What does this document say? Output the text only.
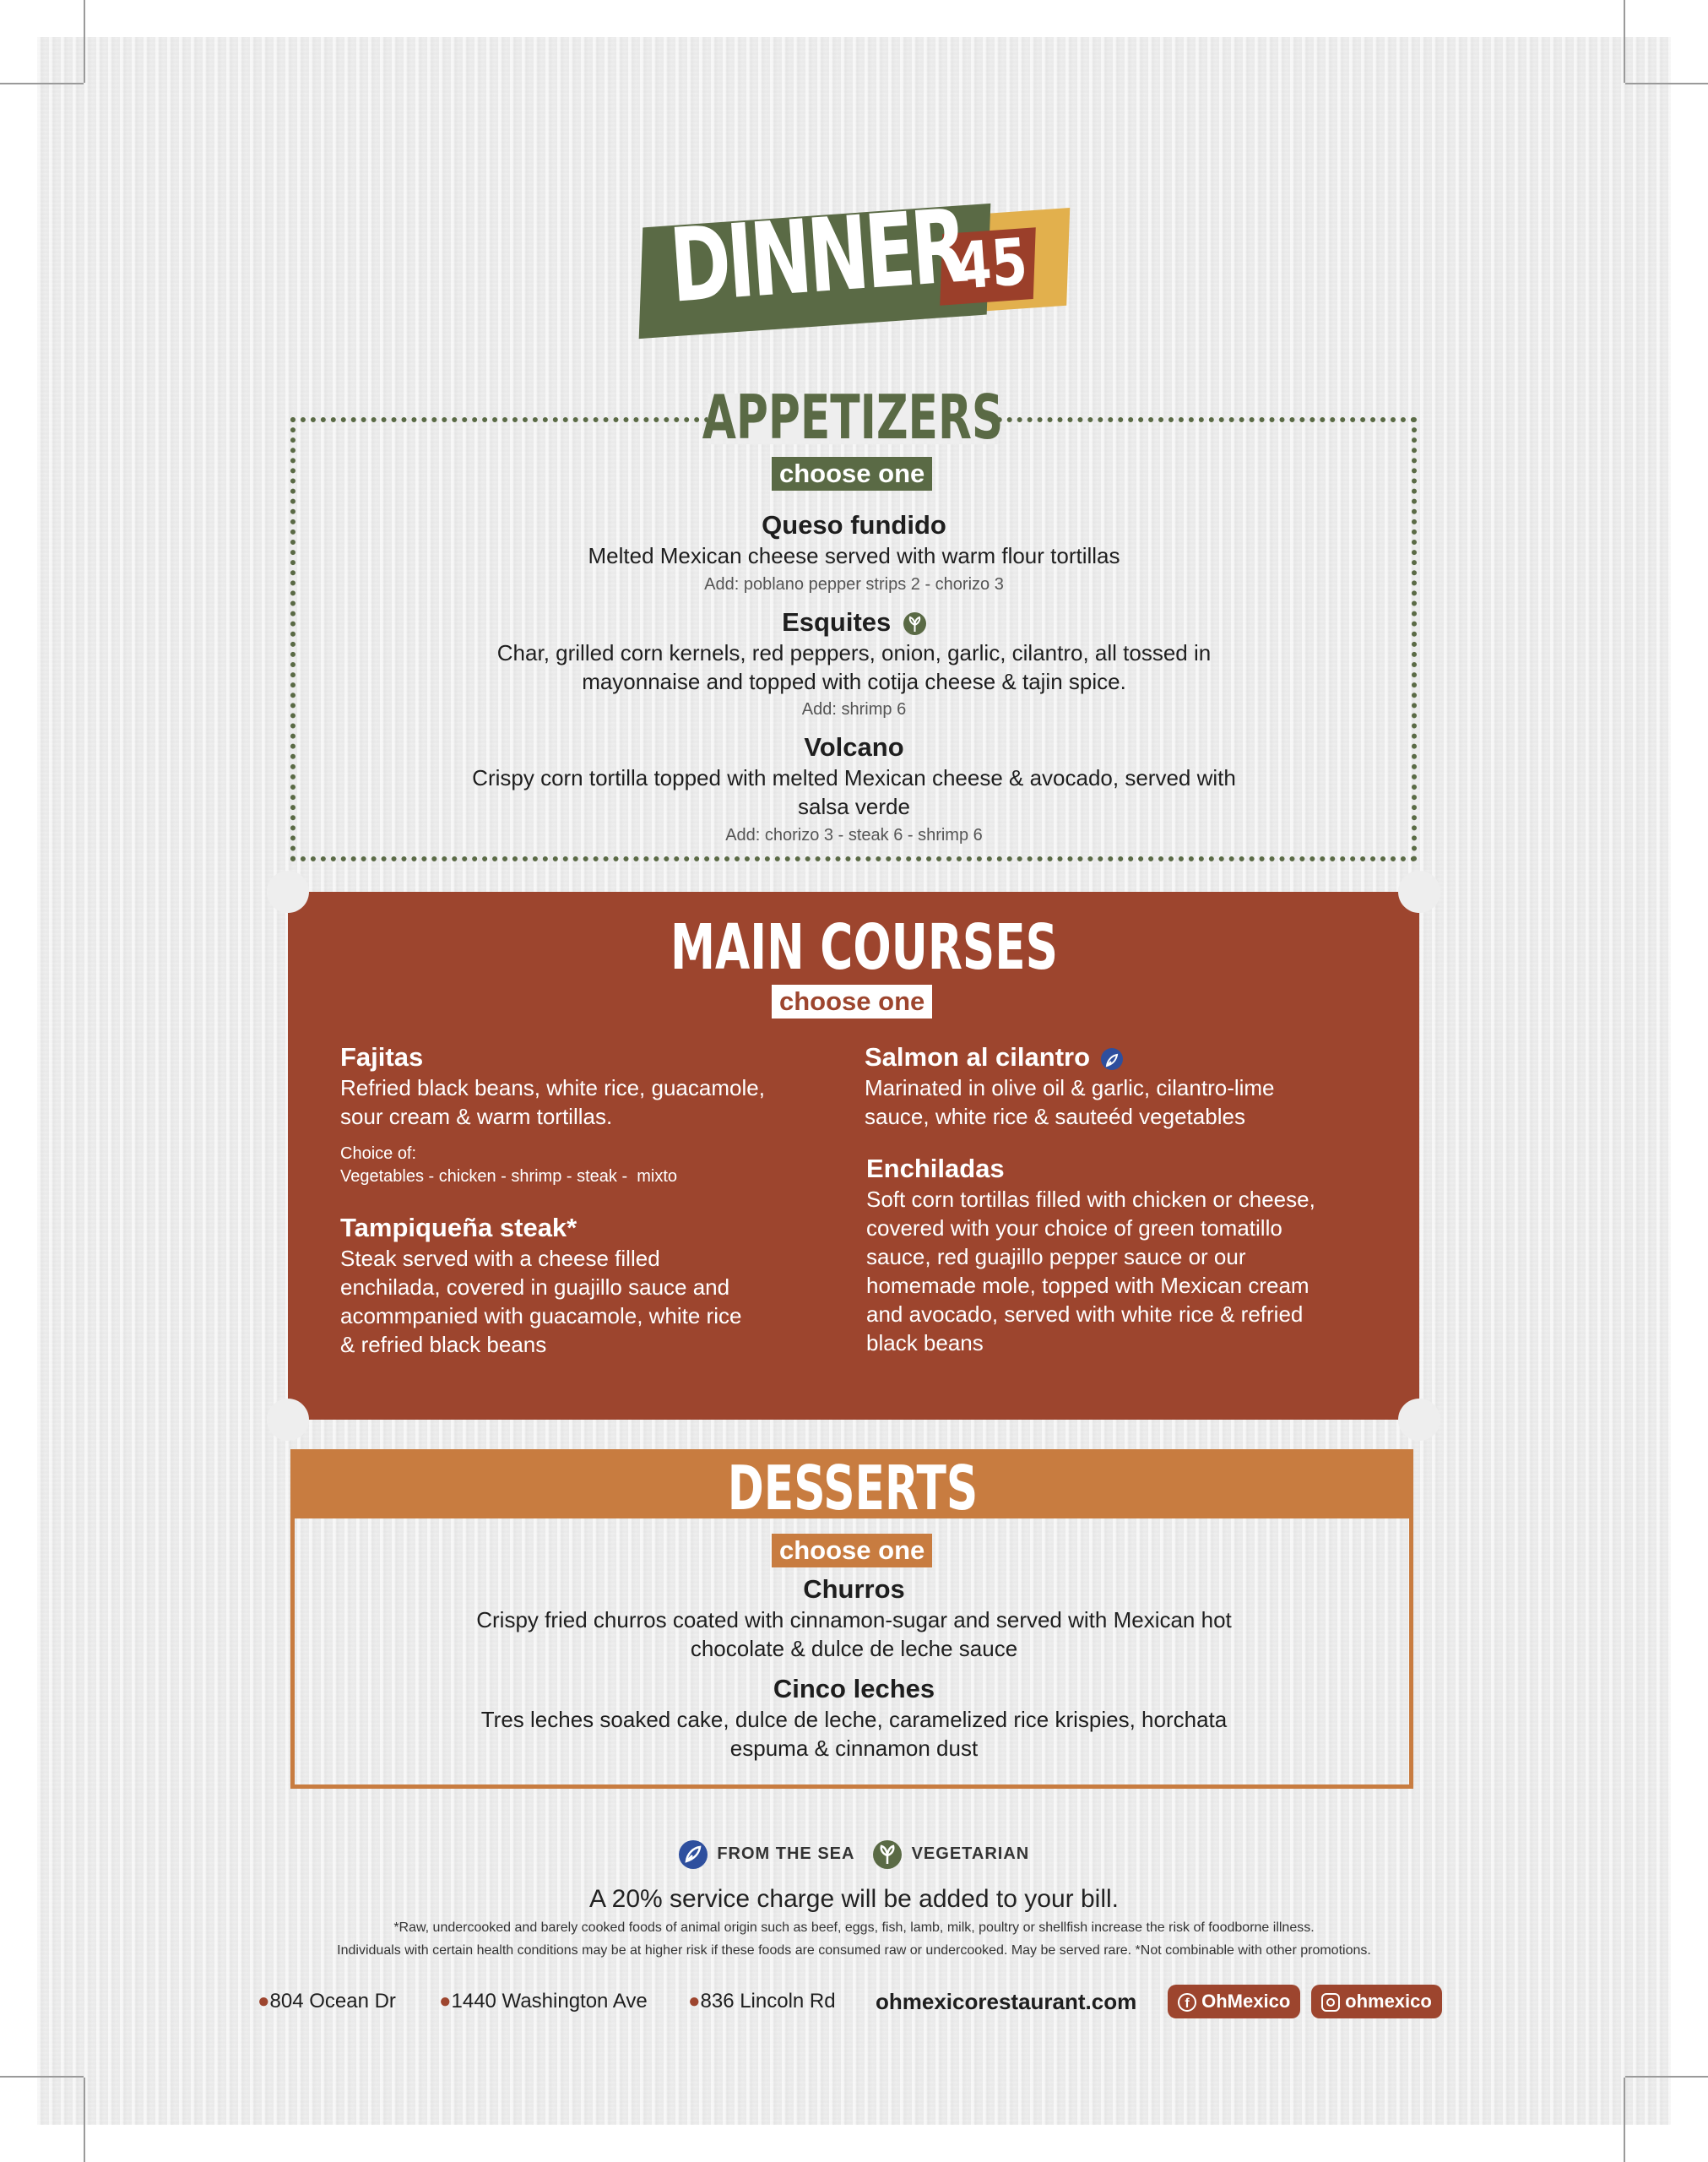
DINNER
45
APPETIZERS
choose one
Queso fundido
Melted Mexican cheese served with warm flour tortillas
Add: poblano pepper strips 2 - chorizo 3
Esquites
Char, grilled corn kernels, red peppers, onion, garlic, cilantro, all tossed in
mayonnaise and topped with cotija cheese & tajin spice.
Add: shrimp 6
Volcano
Crispy corn tortilla topped with melted Mexican cheese & avocado, served with
salsa verde
Add: chorizo 3 - steak 6 - shrimp 6
MAIN COURSES
choose one
Fajitas
Refried black beans, white rice, guacamole,
sour cream & warm tortillas.
Choice of:
Vegetables - chicken - shrimp - steak -  mixto
Tampiqueña steak*
Steak served with a cheese filled
enchilada, covered in guajillo sauce and
acommpanied with guacamole, white rice
& refried black beans
Salmon al cilantro
Marinated in olive oil & garlic, cilantro-lime
sauce, white rice & sauteéd vegetables
Enchiladas
Soft corn tortillas filled with chicken or cheese,
covered with your choice of green tomatillo
sauce, red guajillo pepper sauce or our
homemade mole, topped with Mexican cream
and avocado, served with white rice & refried
black beans
DESSERTS
choose one
Churros
Crispy fried churros coated with cinnamon-sugar and served with Mexican hot
chocolate & dulce de leche sauce
Cinco leches
Tres leches soaked cake, dulce de leche, caramelized rice krispies, horchata
espuma & cinnamon dust
FROM THE SEA	VEGETARIAN
A 20% service charge will be added to your bill.
*Raw, undercooked and barely cooked foods of animal origin such as beef, eggs, fish, lamb, milk, poultry or shellfish increase the risk of foodborne illness.
Individuals with certain health conditions may be at higher risk if these foods are consumed raw or undercooked. May be served rare. *Not combinable with other promotions.
●804 Ocean Dr ●1440 Washington Ave ●836 Lincoln Rd ohmexicorestaurant.com	f OhMexico	ohmexico
